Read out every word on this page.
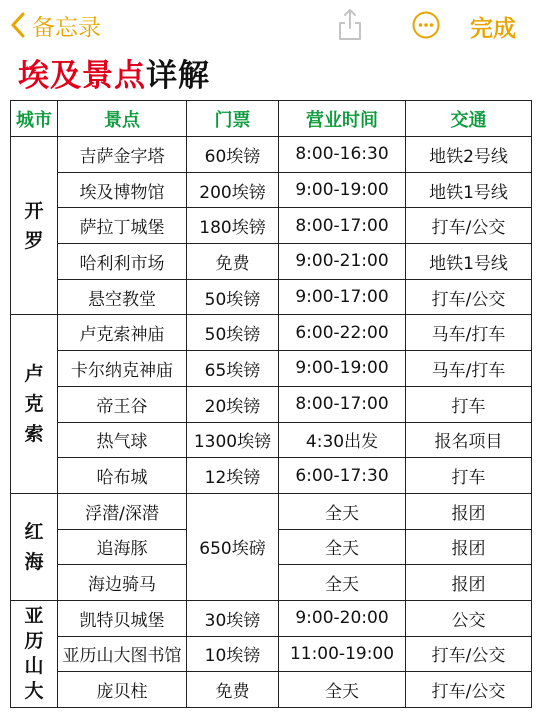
备忘录	完成
埃及景点详解
城市	景点	门票	营业时间	交通

开
罗	吉萨金字塔	60埃镑	8:00-16:30	地铁2号线
	埃及博物馆	200埃镑	9:00-19:00	地铁1号线
	萨拉丁城堡	180埃镑	8:00-17:00	打车/公交
	哈利利市场	免费	9:00-21:00	地铁1号线
	悬空教堂	50埃镑	9:00-17:00	打车/公交

卢
克
索	卢克索神庙	50埃镑	6:00-22:00	马车/打车
	卡尔纳克神庙	65埃镑	9:00-19:00	马车/打车
	帝王谷	20埃镑	8:00-17:00	打车
	热气球	1300埃镑	4:30出发	报名项目
	哈布城	12埃镑	6:00-17:30	打车

红
海	浮潜/深潜	650埃磅	全天	报团
	追海豚		全天	报团
	海边骑马		全天	报团

亚
历
山
大	凯特贝城堡	30埃镑	9:00-20:00	公交
	亚历山大图书馆	10埃镑	11:00-19:00	打车/公交
	庞贝柱	免费	全天	打车/公交
